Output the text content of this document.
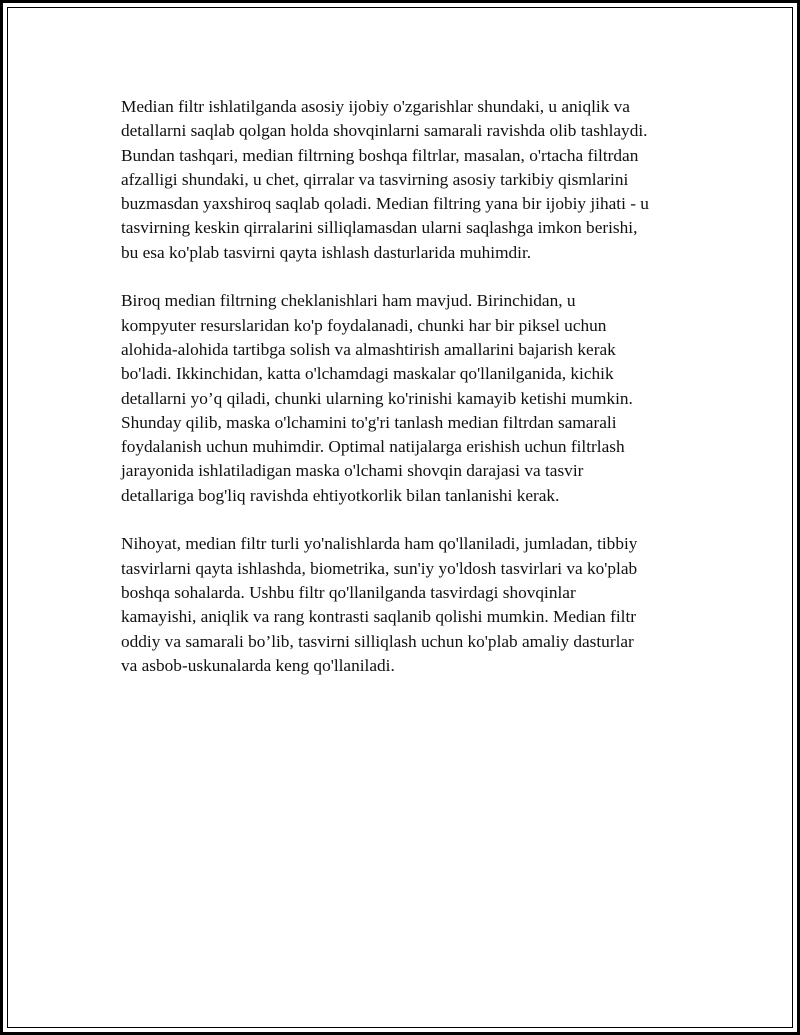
Median filtr ishlatilganda asosiy ijobiy o'zgarishlar shundaki, u aniqlik va
detallarni saqlab qolgan holda shovqinlarni samarali ravishda olib tashlaydi.
Bundan tashqari, median filtrning boshqa filtrlar, masalan, o'rtacha filtrdan
afzalligi shundaki, u chet, qirralar va tasvirning asosiy tarkibiy qismlarini
buzmasdan yaxshiroq saqlab qoladi. Median filtring yana bir ijobiy jihati - u
tasvirning keskin qirralarini silliqlamasdan ularni saqlashga imkon berishi,
bu esa ko'plab tasvirni qayta ishlash dasturlarida muhimdir.

Biroq median filtrning cheklanishlari ham mavjud. Birinchidan, u
kompyuter resurslaridan ko'p foydalanadi, chunki har bir piksel uchun
alohida-alohida tartibga solish va almashtirish amallarini bajarish kerak
bo'ladi. Ikkinchidan, katta o'lchamdagi maskalar qo'llanilganida, kichik
detallarni yo’q qiladi, chunki ularning ko'rinishi kamayib ketishi mumkin.
Shunday qilib, maska o'lchamini to'g'ri tanlash median filtrdan samarali
foydalanish uchun muhimdir. Optimal natijalarga erishish uchun filtrlash
jarayonida ishlatiladigan maska o'lchami shovqin darajasi va tasvir
detallariga bog'liq ravishda ehtiyotkorlik bilan tanlanishi kerak.

Nihoyat, median filtr turli yo'nalishlarda ham qo'llaniladi, jumladan, tibbiy
tasvirlarni qayta ishlashda, biometrika, sun'iy yo'ldosh tasvirlari va ko'plab
boshqa sohalarda. Ushbu filtr qo'llanilganda tasvirdagi shovqinlar
kamayishi, aniqlik va rang kontrasti saqlanib qolishi mumkin. Median filtr
oddiy va samarali bo’lib, tasvirni silliqlash uchun ko'plab amaliy dasturlar
va asbob-uskunalarda keng qo'llaniladi.
